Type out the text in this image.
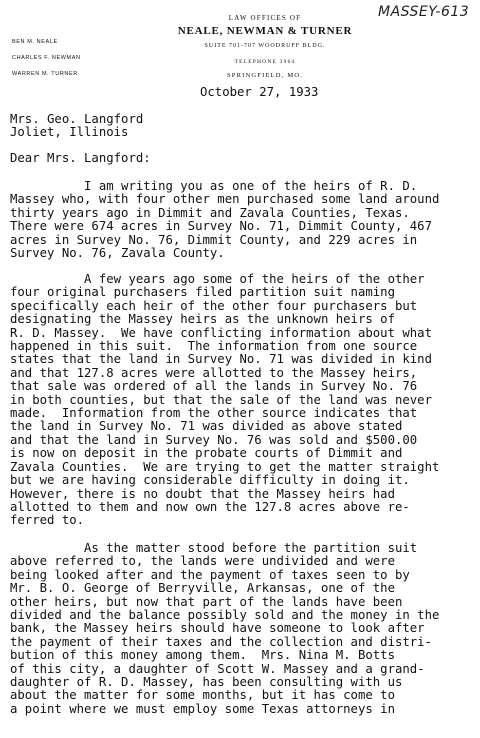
MASSEY-613
LAW OFFICES OF
NEALE, NEWMAN & TURNER
SUITE 701-707 WOODRUFF BLDG.
TELEPHONE 3964
SPRINGFIELD, MO.
BEN M. NEALE
CHARLES F. NEWMAN
WARREN M. TURNER
October 27, 1933
Mrs. Geo. Langford
Joliet, Illinois
Dear Mrs. Langford:
I am writing you as one of the heirs of R. D.
Massey who, with four other men purchased some land around
thirty years ago in Dimmit and Zavala Counties, Texas.
There were 674 acres in Survey No. 71, Dimmit County, 467
acres in Survey No. 76, Dimmit County, and 229 acres in
Survey No. 76, Zavala County.
A few years ago some of the heirs of the other
four original purchasers filed partition suit naming
specifically each heir of the other four purchasers but
designating the Massey heirs as the unknown heirs of
R. D. Massey.  We have conflicting information about what
happened in this suit.  The information from one source
states that the land in Survey No. 71 was divided in kind
and that 127.8 acres were allotted to the Massey heirs,
that sale was ordered of all the lands in Survey No. 76
in both counties, but that the sale of the land was never
made.  Information from the other source indicates that
the land in Survey No. 71 was divided as above stated
and that the land in Survey No. 76 was sold and $500.00
is now on deposit in the probate courts of Dimmit and
Zavala Counties.  We are trying to get the matter straight
but we are having considerable difficulty in doing it.
However, there is no doubt that the Massey heirs had
allotted to them and now own the 127.8 acres above re-
ferred to.
As the matter stood before the partition suit
above referred to, the lands were undivided and were
being looked after and the payment of taxes seen to by
Mr. B. O. George of Berryville, Arkansas, one of the
other heirs, but now that part of the lands have been
divided and the balance possibly sold and the money in the
bank, the Massey heirs should have someone to look after
the payment of their taxes and the collection and distri-
bution of this money among them.  Mrs. Nina M. Botts
of this city, a daughter of Scott W. Massey and a grand-
daughter of R. D. Massey, has been consulting with us
about the matter for some months, but it has come to
a point where we must employ some Texas attorneys in
